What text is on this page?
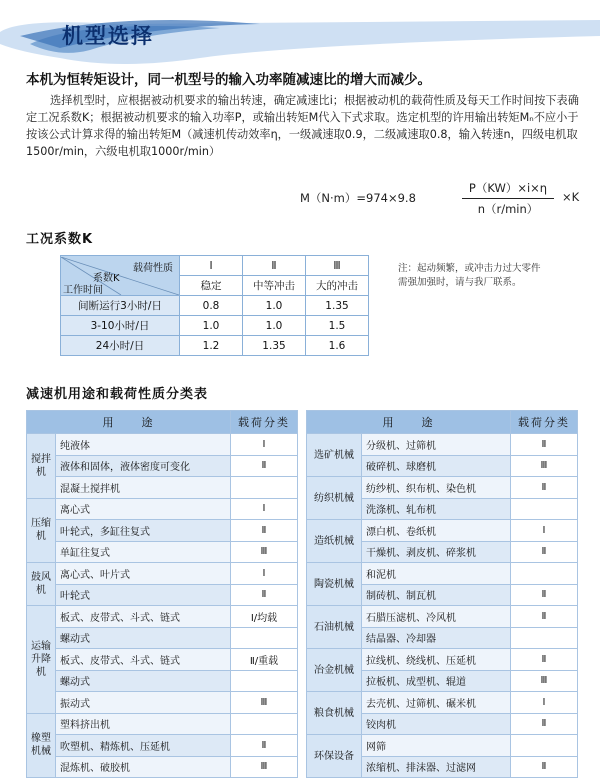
机型选择
本机为恒转矩设计，同一机型号的输入功率随减速比的增大而减少。

选择机型时，应根据被动机要求的输出转速，确定减速比i；根据被动机的载荷性质及每天工作时间按下表确定工况系数K；根据被动机要求的输入功率P，或输出转矩M代入下式求取。选定机型的许用输出转矩Mₙ不应小于按该公式计算求得的输出转矩M（减速机传动效率η，一级减速取0.9，二级减速取0.8，输入转速n，四级电机取1500r/min，六级电机取1000r/min）

M（N·m）=974×9.8
P（KW）×i×η
n（r/min）
×K
工况系数K
载荷性质
系数K
工作时间	Ⅰ	Ⅱ	Ⅲ
	稳定	中等冲击	大的冲击
间断运行3小时/日	0.8	1.0	1.35
3-10小时/日	1.0	1.0	1.5
24小时/日	1.2	1.35	1.6
注：起动频繁，或冲击力过大零件需强加强时，请与我厂联系。
减速机用途和载荷性质分类表
用　　途		载荷分类
搅拌机	纯液体	Ⅰ
	液体和固体，液体密度可变化	Ⅱ
	混凝土搅拌机	
压缩机	离心式	Ⅰ
	叶轮式，多缸往复式	Ⅱ
	单缸往复式	Ⅲ
鼓风机	离心式、叶片式	Ⅰ
	叶轮式	Ⅱ
运输升降机	板式、皮带式、斗式、链式	Ⅰ/均载
	螺动式	
	板式、皮带式、斗式、链式	Ⅱ/重载
	螺动式	
	振动式	Ⅲ
橡塑机械	塑料挤出机	
	吹塑机、精炼机、压延机	Ⅱ
	混炼机、破胶机	Ⅲ
用　　途		载荷分类
选矿机械	分级机、过筛机	Ⅱ
	破碎机、球磨机	Ⅲ
纺织机械	纺纱机、织布机、染色机	Ⅱ
	洗涤机、轧布机	
造纸机械	漂白机、卷纸机	Ⅰ
	干燥机、剥皮机、碎浆机	Ⅱ
陶瓷机械	和泥机	
	制砖机、制瓦机	Ⅱ
石油机械	石腊压滤机、冷风机	Ⅱ
	结晶器、冷却器	
冶金机械	拉线机、绕线机、压延机	Ⅱ
	拉板机、成型机、辊道	Ⅲ
粮食机械	去壳机、过筛机、碾米机	Ⅰ
	铰肉机	Ⅱ
环保设备	网筛	
	浓缩机、排沫器、过滤网	Ⅱ
